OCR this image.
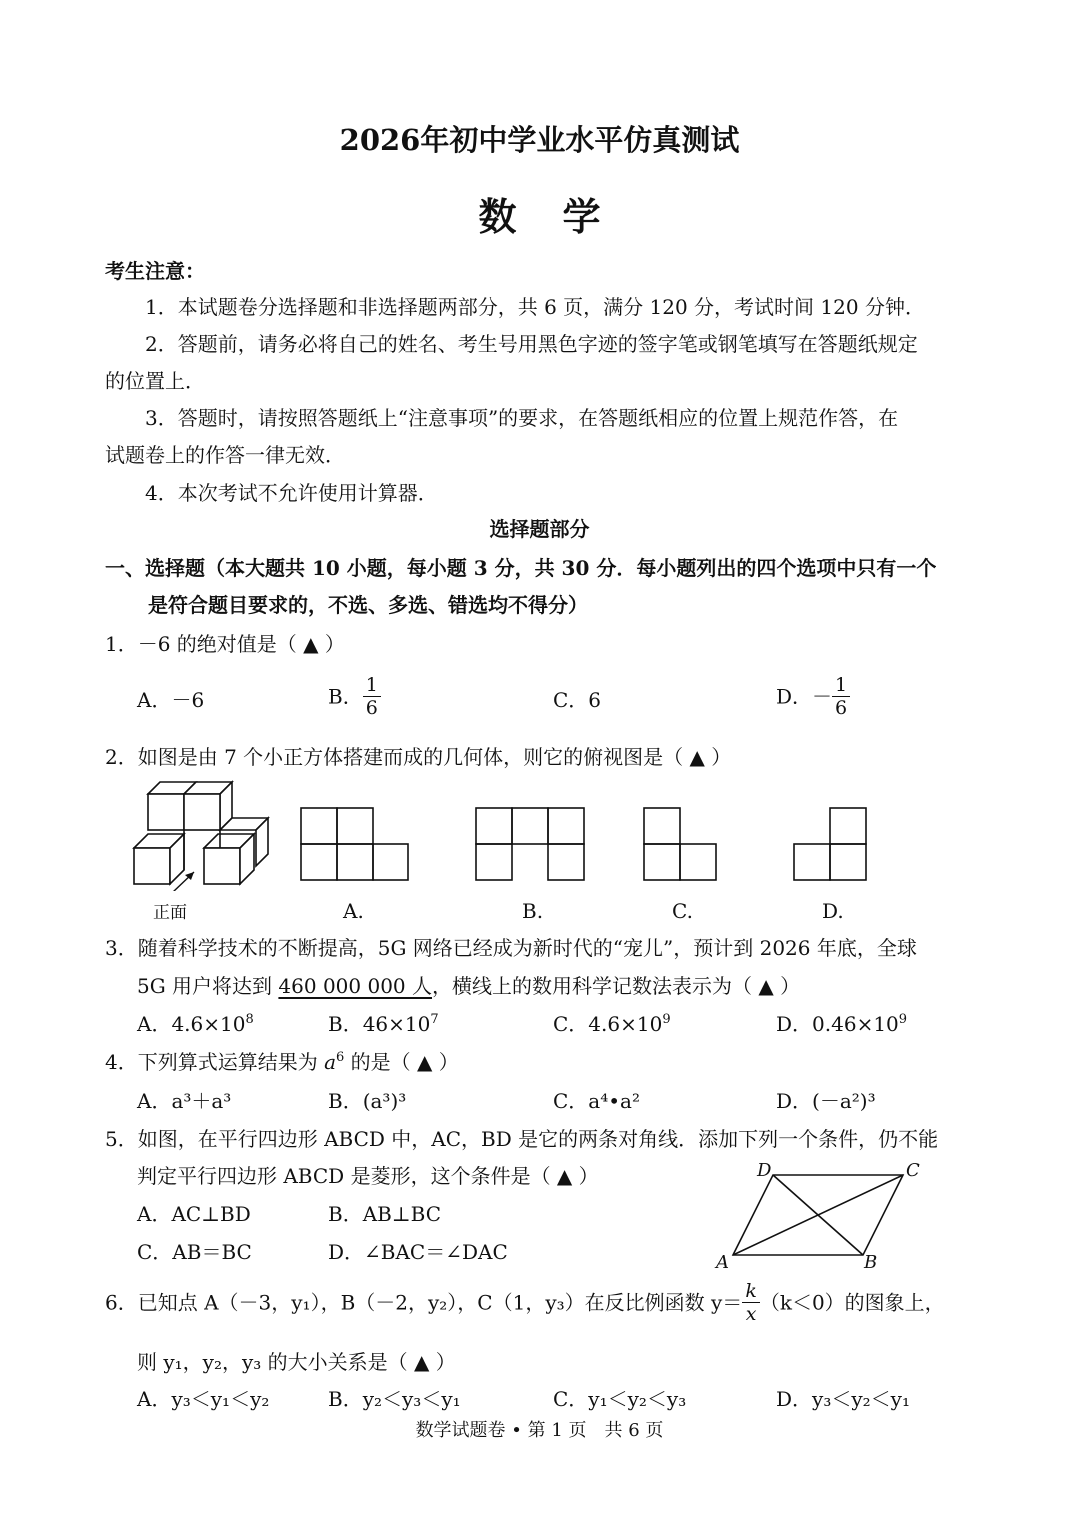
2026年初中学业水平仿真测试
数学
考生注意：
1．本试题卷分选择题和非选择题两部分，共 6 页，满分 120 分，考试时间 120 分钟．
2．答题前，请务必将自己的姓名、考生号用黑色字迹的签字笔或钢笔填写在答题纸规定
的位置上．
3．答题时，请按照答题纸上“注意事项”的要求，在答题纸相应的位置上规范作答，在
试题卷上的作答一律无效．
4．本次考试不允许使用计算器．
选择题部分
一、选择题（本大题共 10 小题，每小题 3 分，共 30 分．每小题列出的四个选项中只有一个
是符合题目要求的，不选、多选、错选均不得分）
1．－6 的绝对值是（ ▲ ）
A．－6	B． $\frac{1}{6}$	C．6	D．－ $\frac{1}{6}$
2．如图是由 7 个小正方体搭建而成的几何体，则它的俯视图是（ ▲ ）
正面	A.	B.	C.	D.
3．随着科学技术的不断提高，5G 网络已经成为新时代的“宠儿”，预计到 2026 年底，全球
5G 用户将达到 460 000 000 人，横线上的数用科学记数法表示为（ ▲ ）
A．$4.6\times 10^8$	B．$46\times 10^7$	C．$4.6\times 10^9$	D．$0.46\times 10^9$
4．下列算式运算结果为 $a^6$ 的是（ ▲ ）
A．a³＋a³	B．(a³)³	C．a⁴•a²	D．(－a²)³
5．如图，在平行四边形 ABCD 中，AC，BD 是它的两条对角线．添加下列一个条件，仍不能
判定平行四边形 ABCD 是菱形，这个条件是（ ▲ ）
A．AC⊥BD	B．AB⊥BC
C．AB＝BC	D．∠BAC＝∠DAC
D	C
A	B
6．已知点 A（－3，y₁），B（－2，y₂），C（1，y₃）在反比例函数 $y= \frac{k}{x} (k<0)$的图象上，
则 y₁，y₂，y₃ 的大小关系是（ ▲ ）
A．y₃＜y₁＜y₂	B．y₂＜y₃＜y₁	C．y₁＜y₂＜y₃	D．y₃＜y₂＜y₁
数学试题卷 • 第 1 页　共 6 页
